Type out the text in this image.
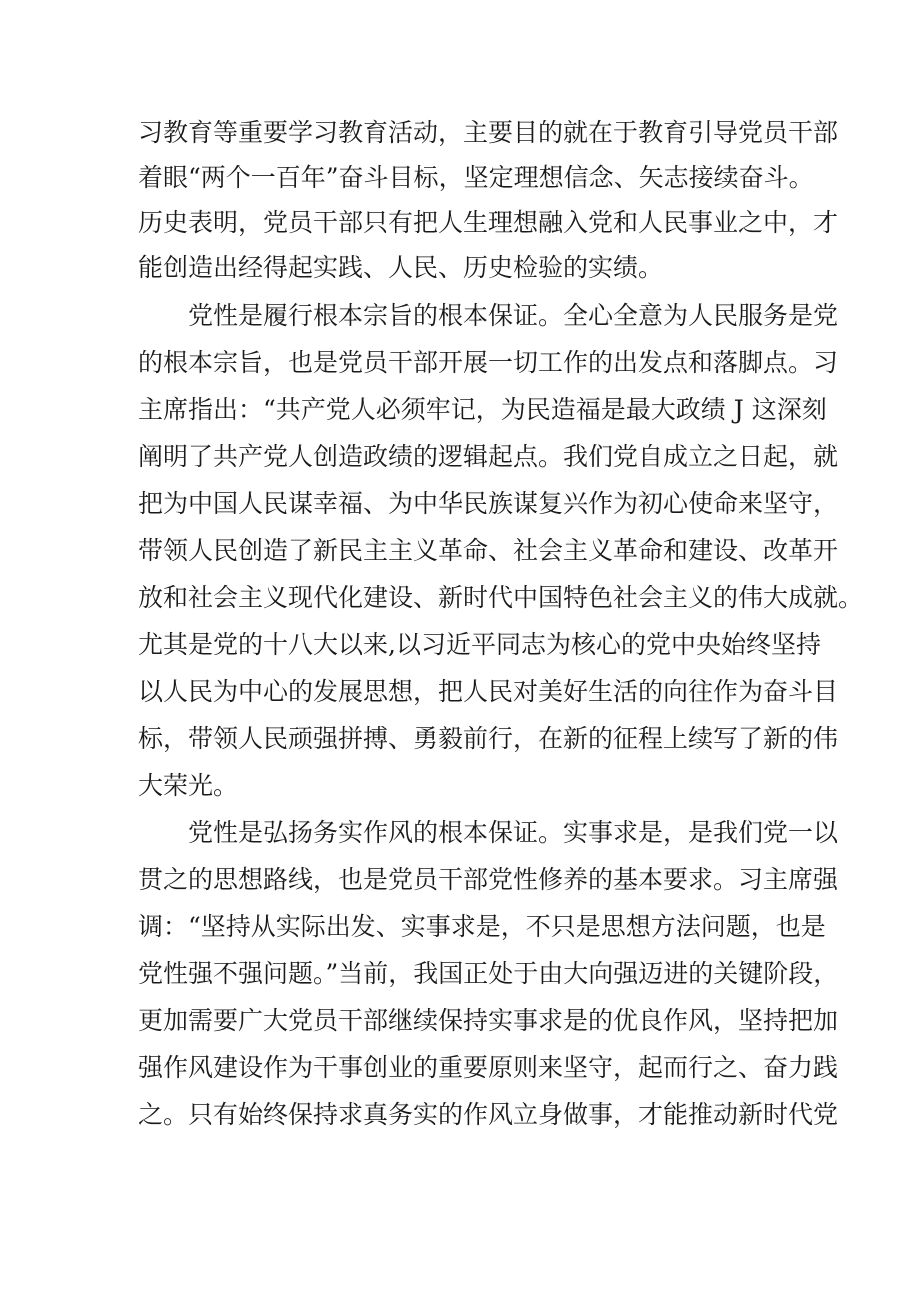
习教育等重要学习教育活动，主要目的就在于教育引导党员干部
着眼“两个一百年”奋斗目标，坚定理想信念、矢志接续奋斗。
历史表明，党员干部只有把人生理想融入党和人民事业之中，才
能创造出经得起实践、人民、历史检验的实绩。
党性是履行根本宗旨的根本保证。全心全意为人民服务是党
的根本宗旨，也是党员干部开展一切工作的出发点和落脚点。习
主席指出：“共产党人必须牢记，为民造福是最大政绩 J 这深刻
阐明了共产党人创造政绩的逻辑起点。我们党自成立之日起，就
把为中国人民谋幸福、为中华民族谋复兴作为初心使命来坚守，
带领人民创造了新民主主义革命、社会主义革命和建设、改革开
放和社会主义现代化建设、新时代中国特色社会主义的伟大成就。
尤其是党的十八大以来,以习近平同志为核心的党中央始终坚持
以人民为中心的发展思想，把人民对美好生活的向往作为奋斗目
标，带领人民顽强拼搏、勇毅前行，在新的征程上续写了新的伟
大荣光。
党性是弘扬务实作风的根本保证。实事求是，是我们党一以
贯之的思想路线，也是党员干部党性修养的基本要求。习主席强
调：“坚持从实际出发、实事求是，不只是思想方法问题，也是
党性强不强问题。”当前，我国正处于由大向强迈进的关键阶段，
更加需要广大党员干部继续保持实事求是的优良作风，坚持把加
强作风建设作为干事创业的重要原则来坚守，起而行之、奋力践
之。只有始终保持求真务实的作风立身做事，才能推动新时代党
